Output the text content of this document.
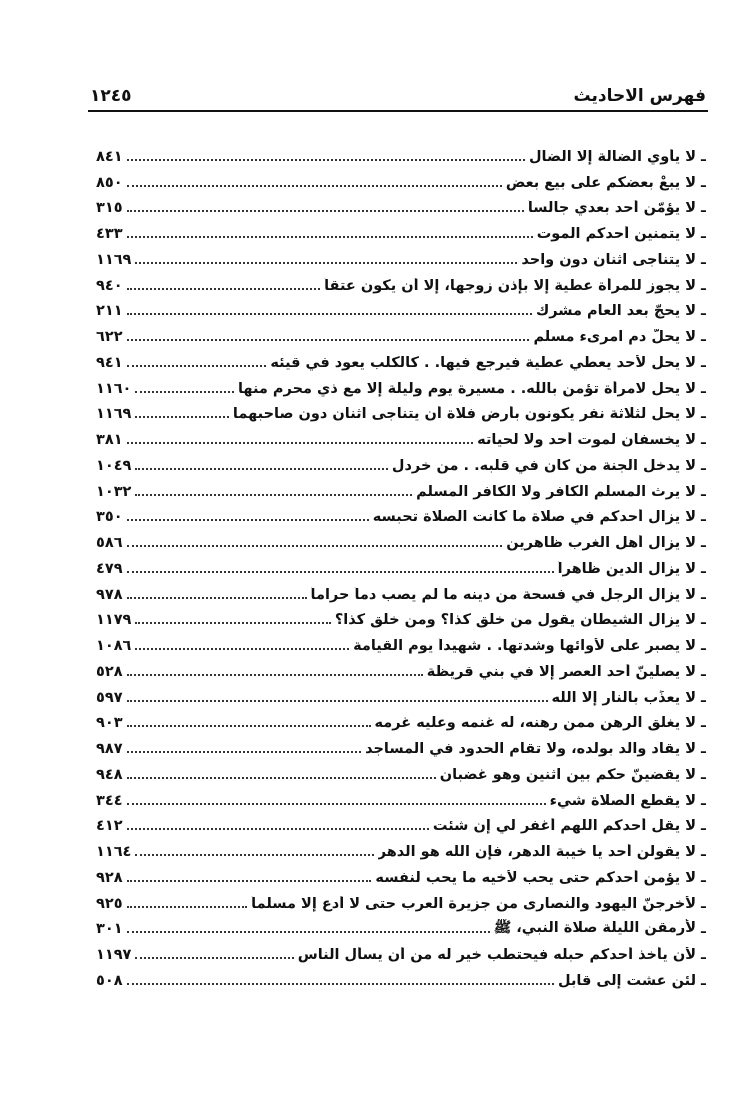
فهرس الاحاديث
١٢٤٥
ـ
لا يأوي الضالة إلا الضال
٨٤١
ـ
لا يبعْ بعضكم على بيع بعض
٨٥٠
ـ
لا يؤمّن أحد بعدي جالساً
٣١٥
ـ
لا يتمنين أحدكم الموت
٤٣٣
ـ
لا يتناجى اثنان دون واحد
١١٦٩
ـ
لا يجوز للمرأة عطية إلا بإذن زوجها، إلا أن يكون عتقاً
٩٤٠
ـ
لا يحجّ بعد العام مشرك
٢١١
ـ
لا يحلّ دم امرىء مسلم
٦٢٢
ـ
لا يحل لأحد يعطي عطية فيرجع فيها. . كالكلب يعود في قيئه
٩٤١
ـ
لا يحل لامرأة تؤمن بالله. . مسيرة يوم وليلة إلا مع ذي محرم منها
١١٦٠
ـ
لا يحل لثلاثة نفر يكونون بأرض فلاة أن يتناجى اثنان دون صاحبهما
١١٦٩
ـ
لا يخسفان لموت أحد ولا لحياته
٣٨١
ـ
لا يدخل الجنة من كان في قلبه. . من خردل
١٠٤٩
ـ
لا يرث المسلم الكافر ولا الكافر المسلم
١٠٣٢
ـ
لا يزال أحدكم في صلاة ما كانت الصلاة تحبسه
٣٥٠
ـ
لا يزال أهل الغرب ظاهرين
٥٨٦
ـ
لا يزال الدين ظاهراً
٤٧٩
ـ
لا يزال الرجل في فسحة من دينه ما لم يصب دماً حراماً
٩٧٨
ـ
لا يزال الشيطان يقول من خلق كذا؟ ومن خلق كذا؟
١١٧٩
ـ
لا يصبر على لأوائها وشدتها. . شهيداً يوم القيامة
١٠٨٦
ـ
لا يصلِّينّ أحد العصر إلا في بني قريظة
٥٢٨
ـ
لا يعذِّب بالنار إلا الله
٥٩٧
ـ
لا يغلق الرهن ممن رهنه، له غنمه وعليه غرمه
٩٠٣
ـ
لا يقاد والد بولده، ولا تقام الحدود في المساجد
٩٨٧
ـ
لا يقضينّ حكم بين اثنين وهو غضبان
٩٤٨
ـ
لا يقطع الصلاة شيء
٣٤٤
ـ
لا يقل أحدكم اللهم أغفر لي إن شئت
٤١٢
ـ
لا يقولن أحد يا خيبة الدهر، فإن الله هو الدهر
١١٦٤
ـ
لا يؤمن أحدكم حتى يحب لأخيه ما يحب لنفسه
٩٢٨
ـ
لأخرجنّ اليهود والنصارى من جزيرة العرب حتى لا أدع إلا مسلماً
٩٢٥
ـ
لأرمقن الليلة صلاة النبي، ﷺ
٣٠١
ـ
لأن يأخذ أحدكم حبله فيحتطب خير له من أن يسأل الناس
١١٩٧
ـ
لئن عشت إلى قابل
٥٠٨
